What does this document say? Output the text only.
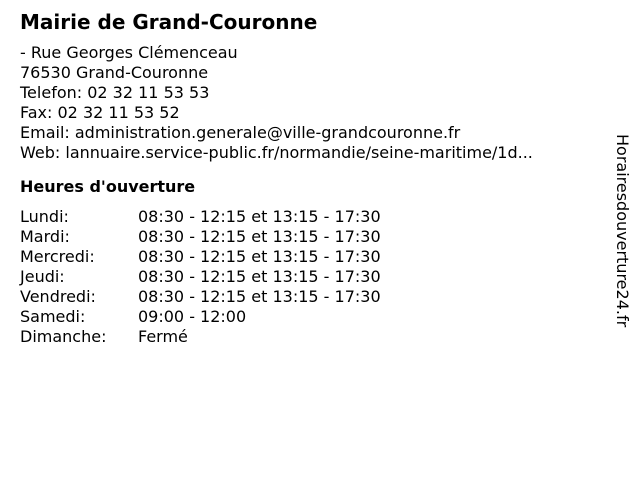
Mairie de Grand-Couronne
- Rue Georges Clémenceau
76530 Grand-Couronne
Telefon: 02 32 11 53 53
Fax: 02 32 11 53 52
Email: administration.generale@ville-grandcouronne.fr
Web: lannuaire.service-public.fr/normandie/seine-maritime/1d...
Heures d'ouverture
Lundi:	08:30 - 12:15 et 13:15 - 17:30
Mardi:	08:30 - 12:15 et 13:15 - 17:30
Mercredi:	08:30 - 12:15 et 13:15 - 17:30
Jeudi:	08:30 - 12:15 et 13:15 - 17:30
Vendredi:	08:30 - 12:15 et 13:15 - 17:30
Samedi:	09:00 - 12:00
Dimanche: Fermé
Horairesdouverture24.fr
